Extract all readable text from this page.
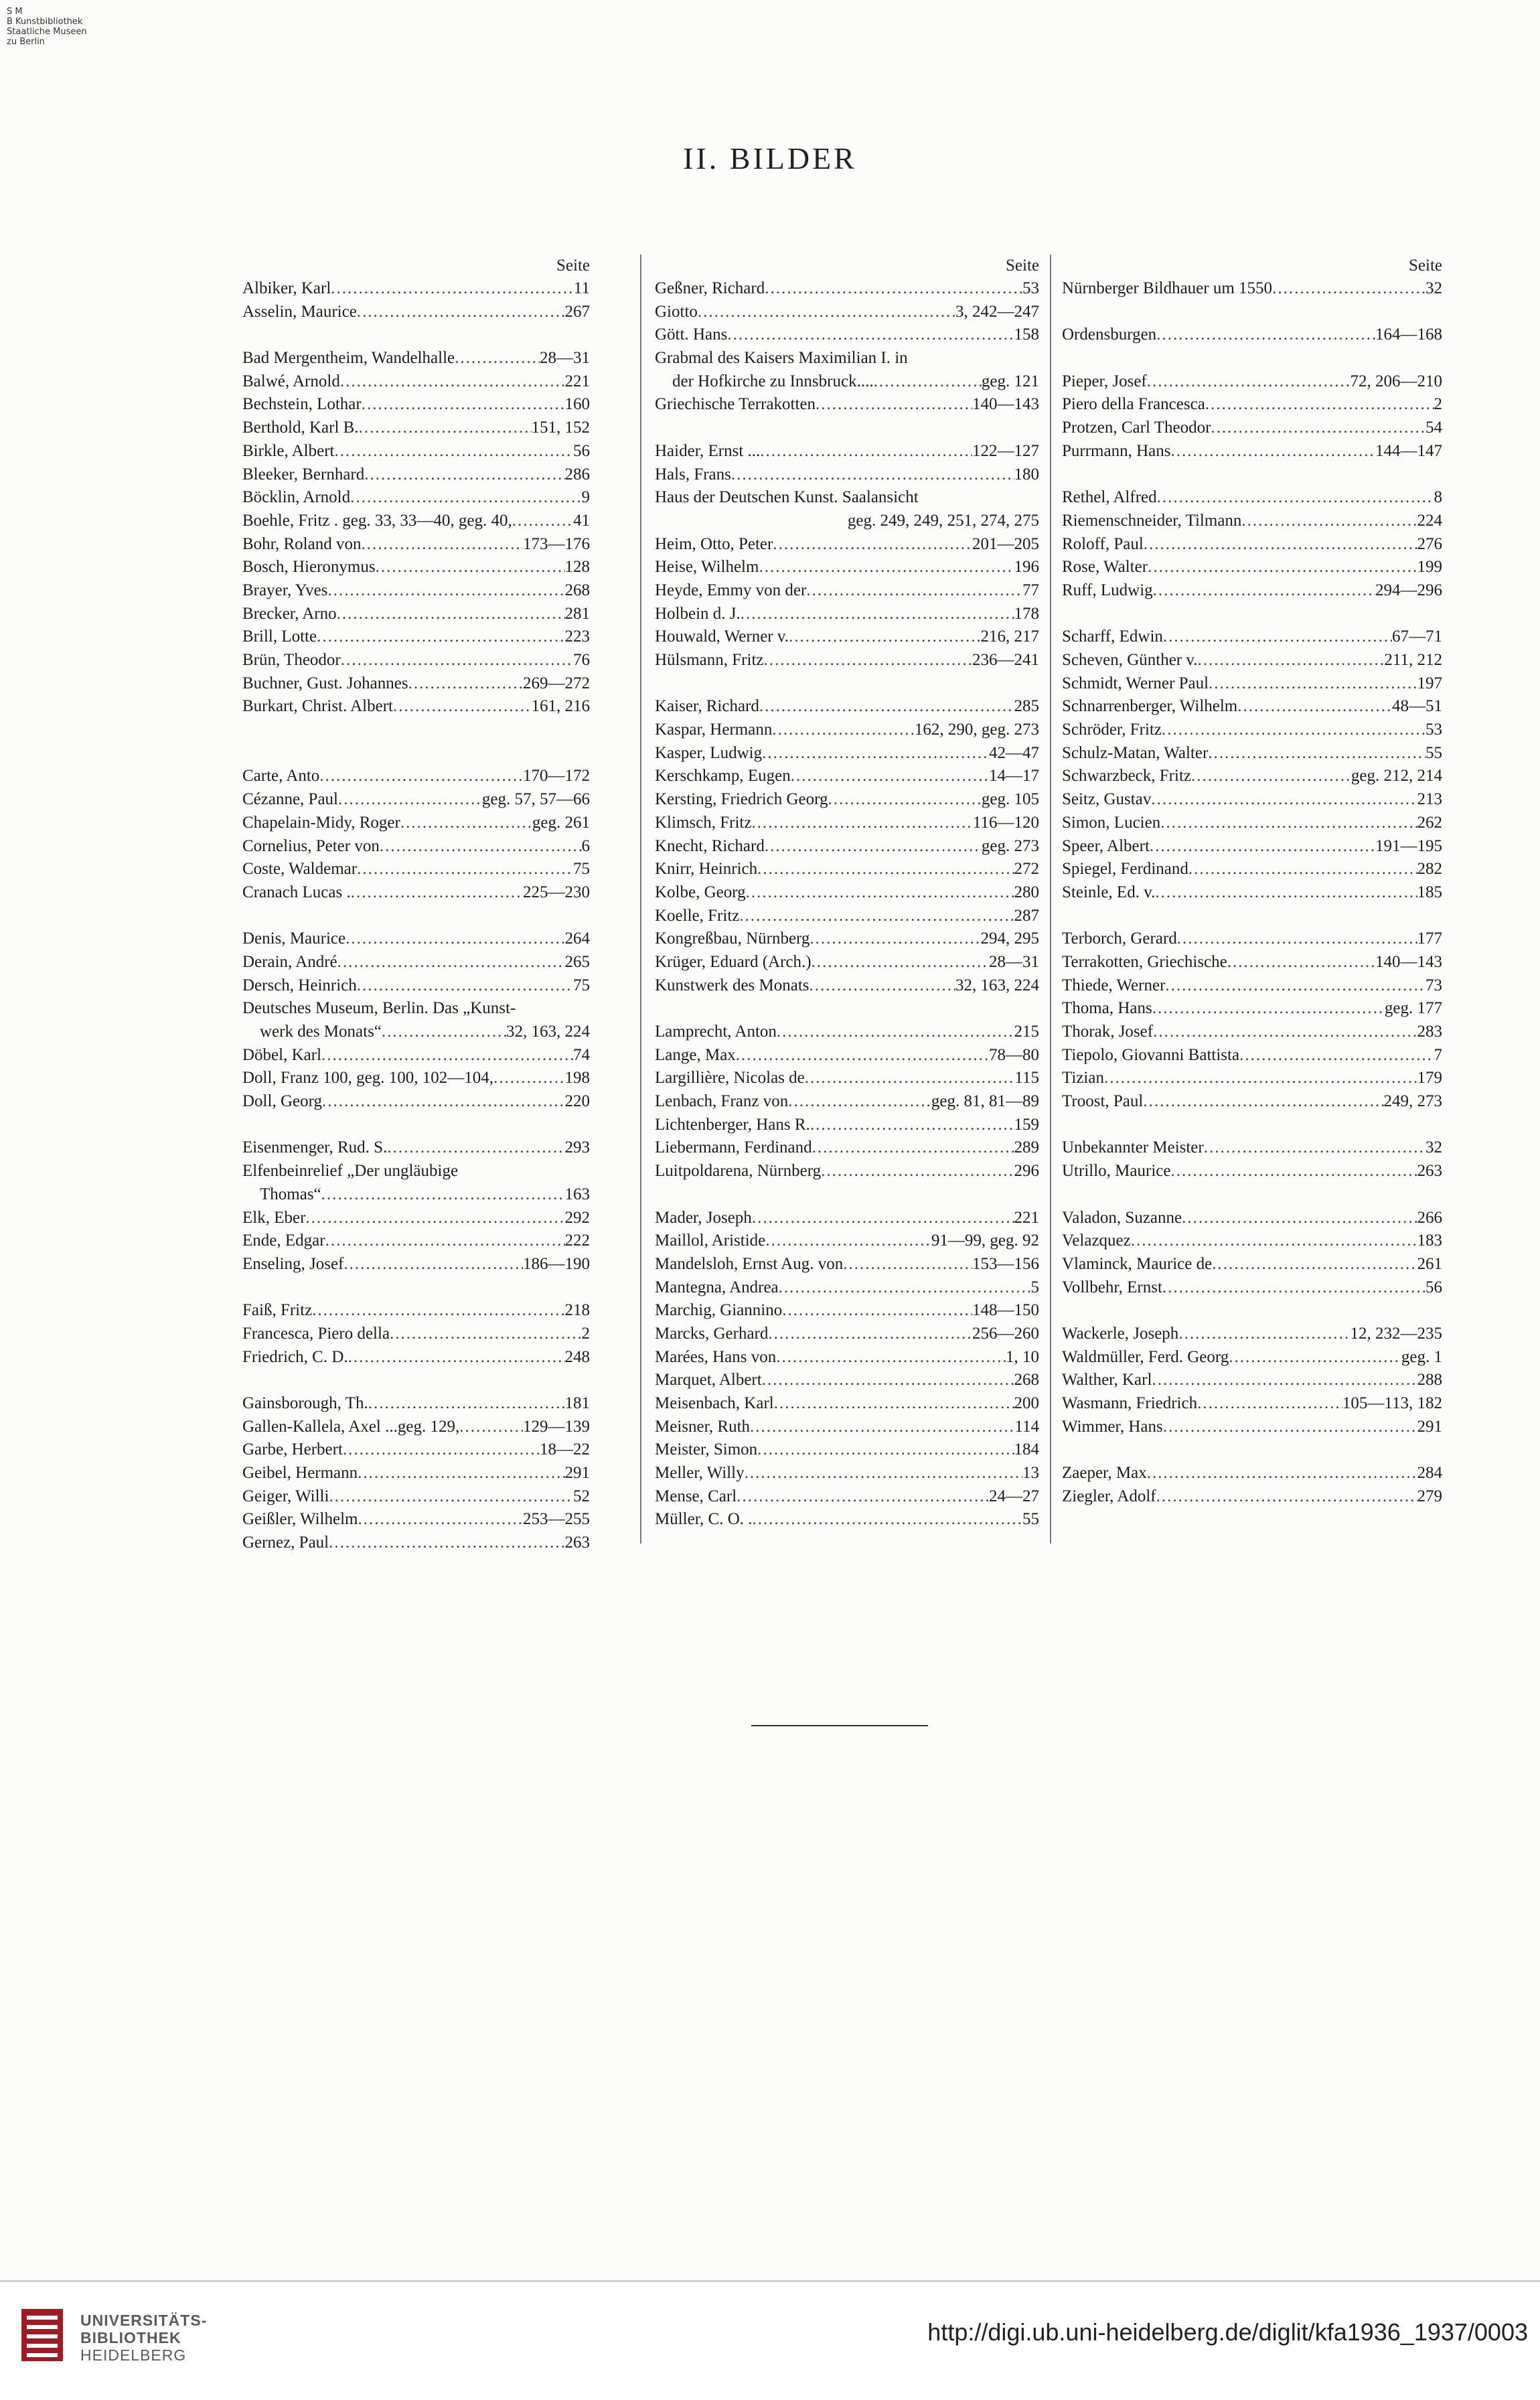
S M
B Kunstbibliothek
Staatliche Museen
zu Berlin
II. BILDER
Seite
Albiker, Karl .....	11
Asselin, Maurice .....	267
Bad Mergentheim, Wandelhalle .....	28—31
Balwé, Arnold .....	221
Bechstein, Lothar .....	160
Berthold, Karl B. .....	151, 152
Birkle, Albert .....	56
Bleeker, Bernhard .....	286
Böcklin, Arnold .....	9
Boehle, Fritz . geg. 33, 33—40, geg. 40, .....	41
Bohr, Roland von .....	173—176
Bosch, Hieronymus .....	128
Brayer, Yves .....	268
Brecker, Arno .....	281
Brill, Lotte .....	223
Brün, Theodor .....	76
Buchner, Gust. Johannes .....	269—272
Burkart, Christ. Albert .....	161, 216
Carte, Anto .....	170—172
Cézanne, Paul .....	geg. 57, 57—66
Chapelain-Midy, Roger .....	geg. 261
Cornelius, Peter von .....	6
Coste, Waldemar .....	75
Cranach Lucas . .....	225—230
Denis, Maurice .....	264
Derain, André .....	265
Dersch, Heinrich .....	75
Deutsches Museum, Berlin. Das „Kunst-
werk des Monats“ .....	32, 163, 224
Döbel, Karl .....	74
Doll, Franz 100, geg. 100, 102—104, .....	198
Doll, Georg .....	220
Eisenmenger, Rud. S. .....	293
Elfenbeinrelief „Der ungläubige
Thomas“ .....	163
Elk, Eber .....	292
Ende, Edgar .....	222
Enseling, Josef .....	186—190
Faiß, Fritz .....	218
Francesca, Piero della .....	2
Friedrich, C. D. .....	248
Gainsborough, Th. .....	181
Gallen-Kallela, Axel ...geg. 129, .....	129—139
Garbe, Herbert .....	18—22
Geibel, Hermann .....	291
Geiger, Willi .....	52
Geißler, Wilhelm .....	253—255
Gernez, Paul .....	263
Seite
Geßner, Richard .....	53
Giotto .....	3, 242—247
Gött. Hans .....	158
Grabmal des Kaisers Maximilian I. in
der Hofkirche zu Innsbruck.... .....	geg. 121
Griechische Terrakotten .....	140—143
Haider, Ernst ... .....	122—127
Hals, Frans .....	180
Haus der Deutschen Kunst. Saalansicht
geg. 249, 249, 251, 274, 275
Heim, Otto, Peter .....	201—205
Heise, Wilhelm .....	196
Heyde, Emmy von der .....	77
Holbein d. J. .....	178
Houwald, Werner v. .....	216, 217
Hülsmann, Fritz .....	236—241
Kaiser, Richard .....	285
Kaspar, Hermann .....	162, 290, geg. 273
Kasper, Ludwig .....	42—47
Kerschkamp, Eugen .....	14—17
Kersting, Friedrich Georg .....	geg. 105
Klimsch, Fritz .....	116—120
Knecht, Richard .....	geg. 273
Knirr, Heinrich .....	272
Kolbe, Georg .....	280
Koelle, Fritz .....	287
Kongreßbau, Nürnberg .....	294, 295
Krüger, Eduard (Arch.) .....	28—31
Kunstwerk des Monats .....	32, 163, 224
Lamprecht, Anton .....	215
Lange, Max .....	78—80
Largillière, Nicolas de .....	115
Lenbach, Franz von .....	geg. 81, 81—89
Lichtenberger, Hans R. .....	159
Liebermann, Ferdinand .....	289
Luitpoldarena, Nürnberg .....	296
Mader, Joseph .....	221
Maillol, Aristide .....	91—99, geg. 92
Mandelsloh, Ernst Aug. von .....	153—156
Mantegna, Andrea .....	5
Marchig, Giannino .....	148—150
Marcks, Gerhard .....	256—260
Marées, Hans von .....	1, 10
Marquet, Albert .....	268
Meisenbach, Karl .....	200
Meisner, Ruth .....	114
Meister, Simon .....	184
Meller, Willy .....	13
Mense, Carl .....	24—27
Müller, C. O. . .....	55
Seite
Nürnberger Bildhauer um 1550 .....	32
Ordensburgen .....	164—168
Pieper, Josef .....	72, 206—210
Piero della Francesca .....	2
Protzen, Carl Theodor .....	54
Purrmann, Hans .....	144—147
Rethel, Alfred .....	8
Riemenschneider, Tilmann .....	224
Roloff, Paul .....	276
Rose, Walter .....	199
Ruff, Ludwig .....	294—296
Scharff, Edwin .....	67—71
Scheven, Günther v. .....	211, 212
Schmidt, Werner Paul .....	197
Schnarrenberger, Wilhelm .....	48—51
Schröder, Fritz .....	53
Schulz-Matan, Walter .....	55
Schwarzbeck, Fritz .....	geg. 212, 214
Seitz, Gustav .....	213
Simon, Lucien .....	262
Speer, Albert .....	191—195
Spiegel, Ferdinand .....	282
Steinle, Ed. v. .....	185
Terborch, Gerard .....	177
Terrakotten, Griechische .....	140—143
Thiede, Werner .....	73
Thoma, Hans .....	geg. 177
Thorak, Josef .....	283
Tiepolo, Giovanni Battista .....	7
Tizian .....	179
Troost, Paul .....	249, 273
Unbekannter Meister .....	32
Utrillo, Maurice .....	263
Valadon, Suzanne .....	266
Velazquez .....	183
Vlaminck, Maurice de .....	261
Vollbehr, Ernst .....	56
Wackerle, Joseph .....	12, 232—235
Waldmüller, Ferd. Georg .....	geg. 1
Walther, Karl .....	288
Wasmann, Friedrich .....	105—113, 182
Wimmer, Hans .....	291
Zaeper, Max .....	284
Ziegler, Adolf .....	279
UNIVERSITÄTS-
BIBLIOTHEK
HEIDELBERG
http://digi.ub.uni-heidelberg.de/diglit/kfa1936_1937/0003
